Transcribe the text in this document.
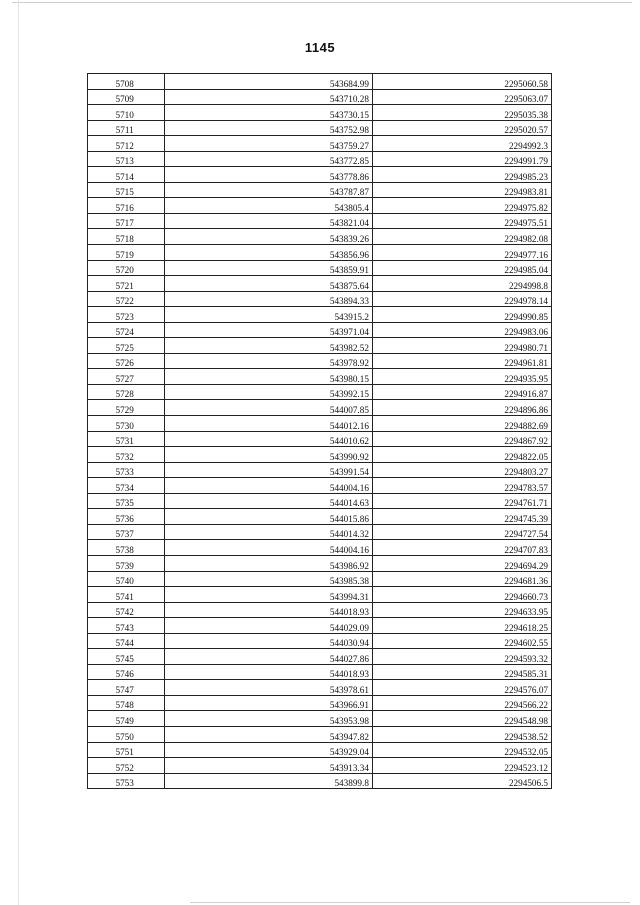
1145
5708	543684.99	2295060.58
5709	543710.28	2295063.07
5710	543730.15	2295035.38
5711	543752.98	2295020.57
5712	543759.27	2294992.3
5713	543772.85	2294991.79
5714	543778.86	2294985.23
5715	543787.87	2294983.81
5716	543805.4	2294975.82
5717	543821.04	2294975.51
5718	543839.26	2294982.08
5719	543856.96	2294977.16
5720	543859.91	2294985.04
5721	543875.64	2294998.8
5722	543894.33	2294978.14
5723	543915.2	2294990.85
5724	543971.04	2294983.06
5725	543982.52	2294980.71
5726	543978.92	2294961.81
5727	543980.15	2294935.95
5728	543992.15	2294916.87
5729	544007.85	2294896.86
5730	544012.16	2294882.69
5731	544010.62	2294867.92
5732	543990.92	2294822.05
5733	543991.54	2294803.27
5734	544004.16	2294783.57
5735	544014.63	2294761.71
5736	544015.86	2294745.39
5737	544014.32	2294727.54
5738	544004.16	2294707.83
5739	543986.92	2294694.29
5740	543985.38	2294681.36
5741	543994.31	2294660.73
5742	544018.93	2294633.95
5743	544029.09	2294618.25
5744	544030.94	2294602.55
5745	544027.86	2294593.32
5746	544018.93	2294585.31
5747	543978.61	2294576.07
5748	543966.91	2294566.22
5749	543953.98	2294548.98
5750	543947.82	2294538.52
5751	543929.04	2294532.05
5752	543913.34	2294523.12
5753	543899.8	2294506.5
